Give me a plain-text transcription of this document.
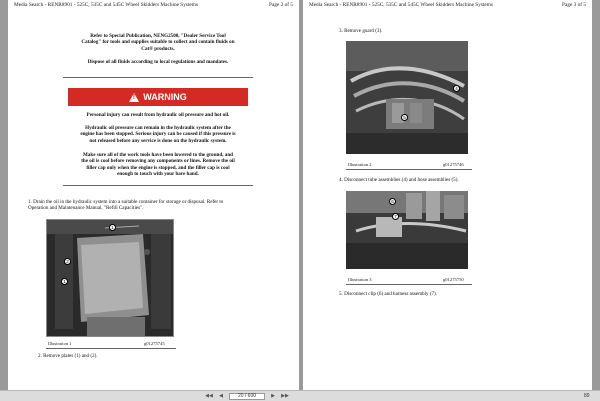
Media Search - RENR8901 - 525C, 535C and 545C Wheel Skidders Machine Systems	Page 2 of 5
Refer to Special Publication, NENG2500, "Dealer Service Tool
Catalog" for tools and supplies suitable to collect and contain fluids on
Cat® products.
Dispose of all fluids according to local regulations and mandates.
!
WARNING
Personal injury can result from hydraulic oil pressure and hot oil.
Hydraulic oil pressure can remain in the hydraulic system after the
engine has been stopped. Serious injury can be caused if this pressure is
not released before any service is done on the hydraulic system.
Make sure all of the work tools have been lowered to the ground, and
the oil is cool before removing any components or lines. Remove the oil
filler cap only when the engine is stopped, and the filler cap is cool
enough to touch with your bare hand.
1. Drain the oil in the hydraulic system into a suitable container for storage or disposal. Refer to
Operation and Maintenance Manual, "Refill Capacities".
1
2
1
Illustration 1	g01275745
2. Remove plates (1) and (2).
Media Search - RENR8901 - 525C, 535C and 545C Wheel Skidders Machine Systems	Page 3 of 5
3. Remove guard (3).
4
5
Illustration 2	g01275746
4. Disconnect tube assemblies (4) and hose assemblies (5).
6
7
Illustration 3	g01275750
5. Disconnect clip (6) and harness assembly (7).
◀◀	◀	20 / 600	▶	▶▶	89
